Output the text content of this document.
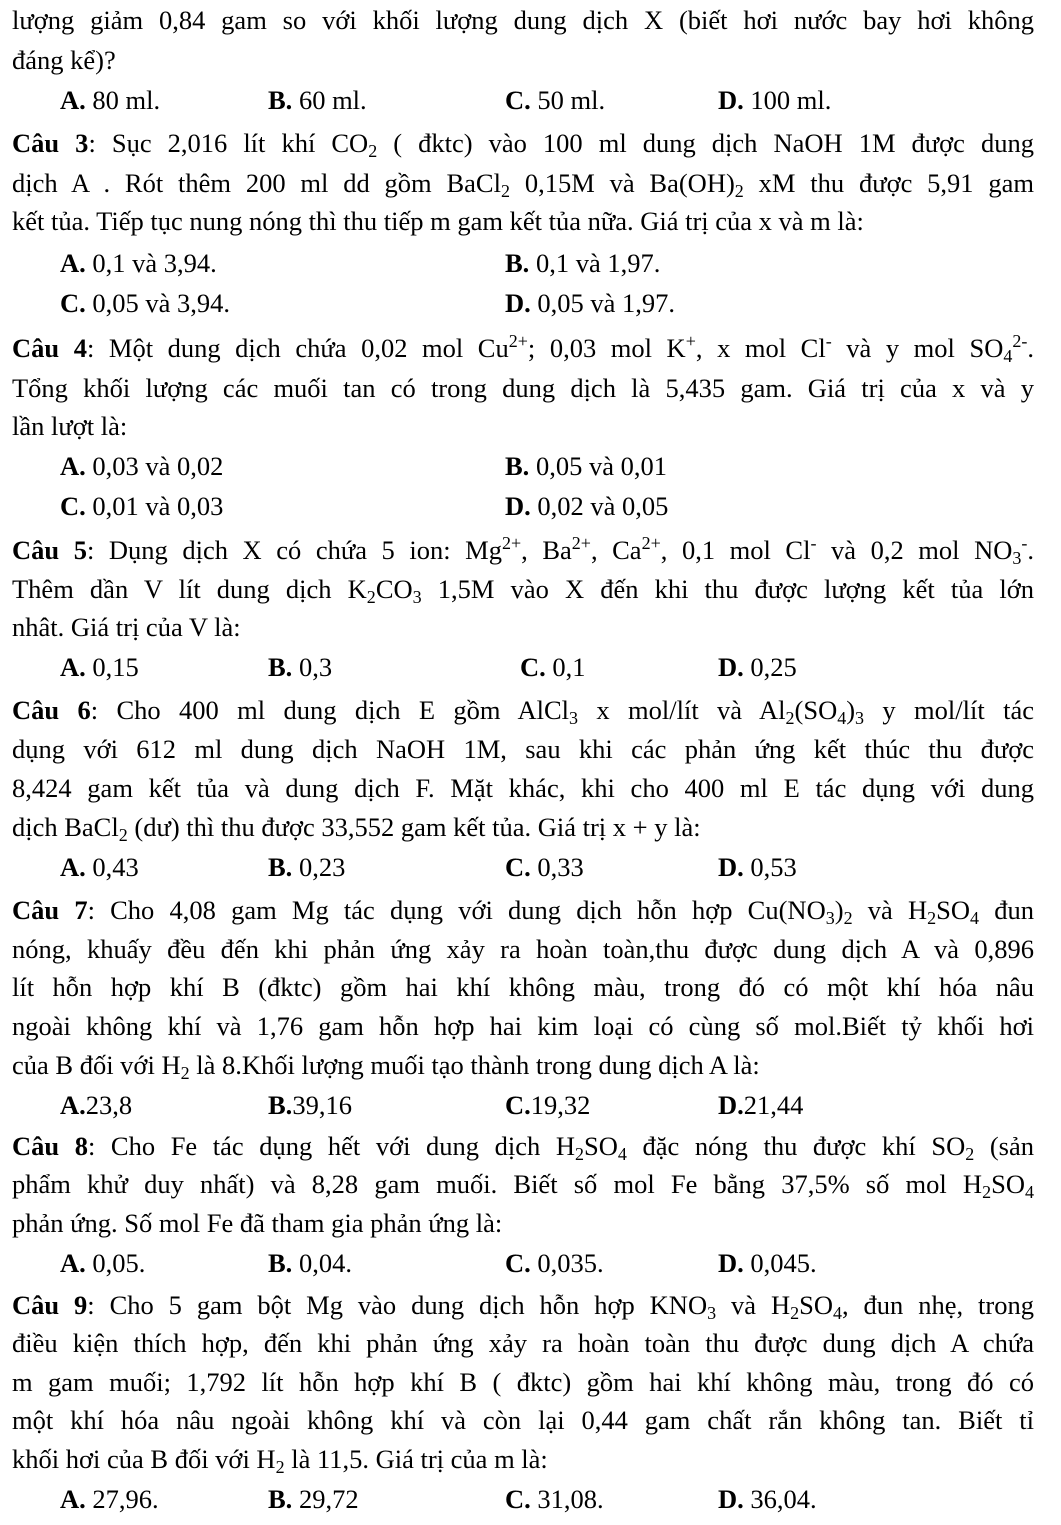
lượng giảm 0,84 gam so với khối lượng dung dịch X (biết hơi nước bay hơi không
đáng kể)?
A. 80 ml.	B. 60 ml.	C. 50 ml.	D. 100 ml.
Câu 3: Sục 2,016 lít khí $CO_2$ ( đktc) vào 100 ml dung dịch NaOH 1M được dung
dịch A . Rót thêm 200 ml dd gồm BaCl$_2$ 0,15M và $Ba(OH)_2$ xM thu được 5,91 gam
kết tủa. Tiếp tục nung nóng thì thu tiếp m gam kết tủa nữa. Giá trị của x và m là:
A. 0,1 và 3,94.	B. 0,1 và 1,97.
C. 0,05 và 3,94.	D. 0,05 và 1,97.
Câu 4: Một dung dịch chứa 0,02 mol $Cu^{2+}$; 0,03 mol K+, x mol Cl- và y mol $SO_4^{2-}$.
Tổng khối lượng các muối tan có trong dung dịch là 5,435 gam. Giá trị của x và y
lần lượt là:
A. 0,03 và 0,02	B. 0,05 và 0,01
C. 0,01 và 0,03	D. 0,02 và 0,05
Câu 5: Dụng dịch X có chứa 5 ion: $Mg^{2+}$, $Ba^{2+}$, $Ca^{2+}$, 0,1 mol Cl- và 0,2 mol $NO_3^-$.
Thêm dần V lít dung dịch $K_2CO_3$ 1,5M vào X đến khi thu được lượng kết tủa lớn
nhât. Giá trị của V là:
A. 0,15	B. 0,3	C. 0,1	D. 0,25
Câu 6: Cho 400 ml dung dịch E gồm AlCl$_3$ x mol/lít và $Al_2(SO_4)_3$ y mol/lít tác
dụng với 612 ml dung dịch NaOH 1M, sau khi các phản ứng kết thúc thu được
8,424 gam kết tủa và dung dịch F. Mặt khác, khi cho 400 ml E tác dụng với dung
dịch BaCl$_2$ (dư) thì thu được 33,552 gam kết tủa. Giá trị x + y là:
A. 0,43	B. 0,23	C. 0,33	D. 0,53
Câu 7: Cho 4,08 gam Mg tác dụng với dung dịch hỗn hợp $Cu(NO_3)_2$ và $H_2SO_4$ đun
nóng, khuấy đều đến khi phản ứng xảy ra hoàn toàn,thu được dung dịch A và 0,896
lít hỗn hợp khí B (đktc) gồm hai khí không màu, trong đó có một khí hóa nâu
ngoài không khí và 1,76 gam hỗn hợp hai kim loại có cùng số mol.Biết tỷ khối hơi
của B đối với $H_2$ là 8.Khối lượng muối tạo thành trong dung dịch A là:
A.23,8	B.39,16	C.19,32	D.21,44
Câu 8: Cho Fe tác dụng hết với dung dịch $H_2SO_4$ đặc nóng thu được khí $SO_2$ (sản
phẩm khử duy nhất) và 8,28 gam muối. Biết số mol Fe bằng 37,5% số mol $H_2SO_4$
phản ứng. Số mol Fe đã tham gia phản ứng là:
A. 0,05.	B. 0,04.	C. 0,035.	D. 0,045.
Câu 9: Cho 5 gam bột Mg vào dung dịch hỗn hợp $KNO_3$ và $H_2SO_4$, đun nhẹ, trong
điều kiện thích hợp, đến khi phản ứng xảy ra hoàn toàn thu được dung dịch A chứa
m gam muối; 1,792 lít hỗn hợp khí B ( đktc) gồm hai khí không màu, trong đó có
một khí hóa nâu ngoài không khí và còn lại 0,44 gam chất rắn không tan. Biết tỉ
khối hơi của B đối với $H_2$ là 11,5. Giá trị của m là:
A. 27,96.	B. 29,72	C. 31,08.	D. 36,04.
